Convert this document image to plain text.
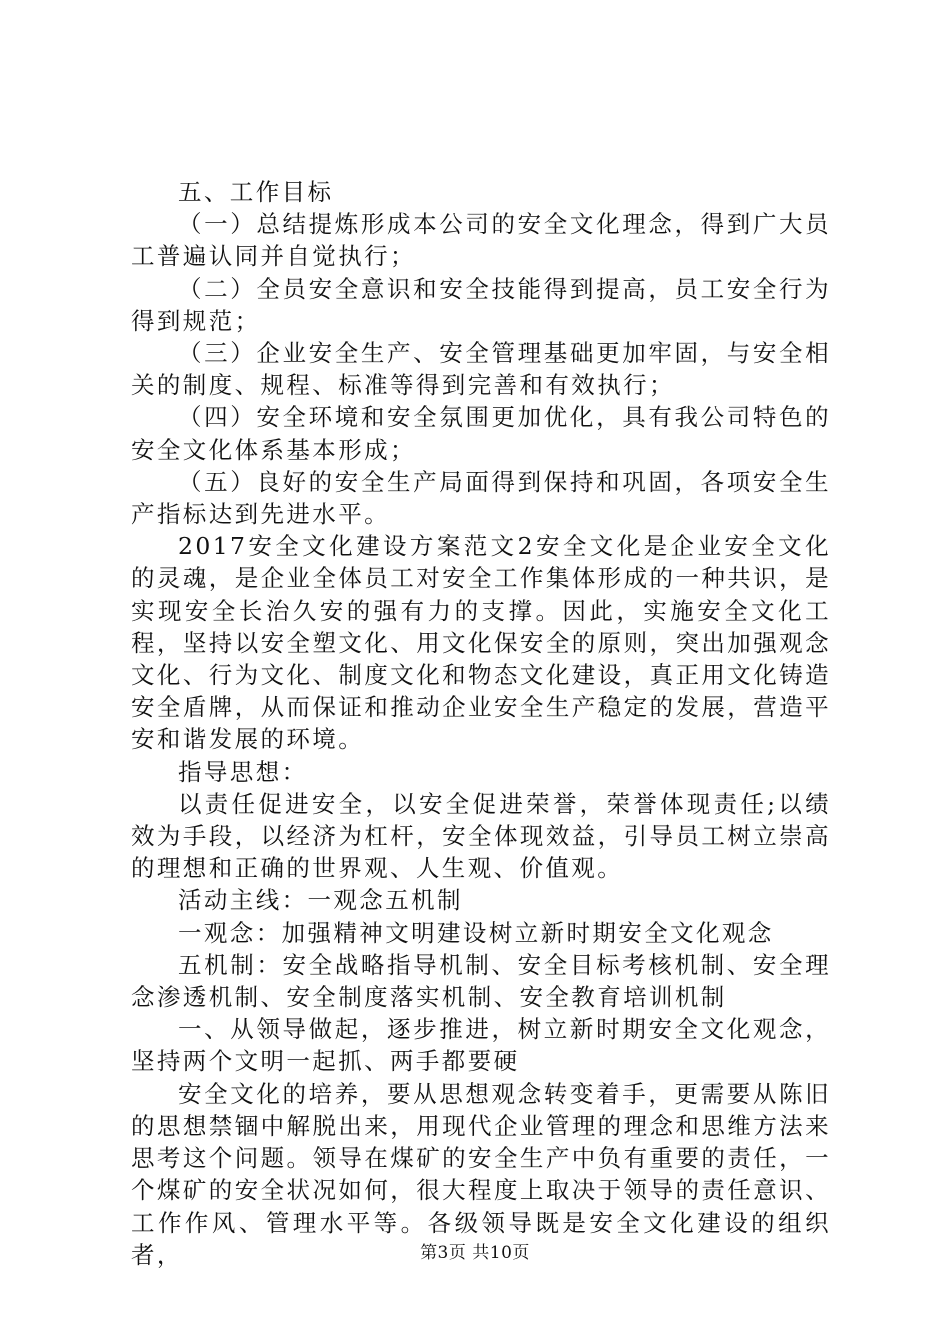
五、工作目标

（一）总结提炼形成本公司的安全文化理念，得到广大员工普遍认同并自觉执行；

（二）全员安全意识和安全技能得到提高，员工安全行为得到规范；

（三）企业安全生产、安全管理基础更加牢固，与安全相关的制度、规程、标准等得到完善和有效执行；

（四）安全环境和安全氛围更加优化，具有我公司特色的安全文化体系基本形成；

（五）良好的安全生产局面得到保持和巩固，各项安全生产指标达到先进水平。

2017安全文化建设方案范文2安全文化是企业安全文化的灵魂，是企业全体员工对安全工作集体形成的一种共识，是实现安全长治久安的强有力的支撑。因此，实施安全文化工程，坚持以安全塑文化、用文化保安全的原则，突出加强观念文化、行为文化、制度文化和物态文化建设，真正用文化铸造安全盾牌，从而保证和推动企业安全生产稳定的发展，营造平安和谐发展的环境。

指导思想：

以责任促进安全，以安全促进荣誉，荣誉体现责任;以绩效为手段，以经济为杠杆，安全体现效益，引导员工树立崇高的理想和正确的世界观、人生观、价值观。

活动主线：一观念五机制

一观念：加强精神文明建设树立新时期安全文化观念

五机制：安全战略指导机制、安全目标考核机制、安全理念渗透机制、安全制度落实机制、安全教育培训机制

一、从领导做起，逐步推进，树立新时期安全文化观念，坚持两个文明一起抓、两手都要硬

安全文化的培养，要从思想观念转变着手，更需要从陈旧的思想禁锢中解脱出来，用现代企业管理的理念和思维方法来思考这个问题。领导在煤矿的安全生产中负有重要的责任，一个煤矿的安全状况如何，很大程度上取决于领导的责任意识、工作作风、管理水平等。各级领导既是安全文化建设的组织者，	第3页 共10页
